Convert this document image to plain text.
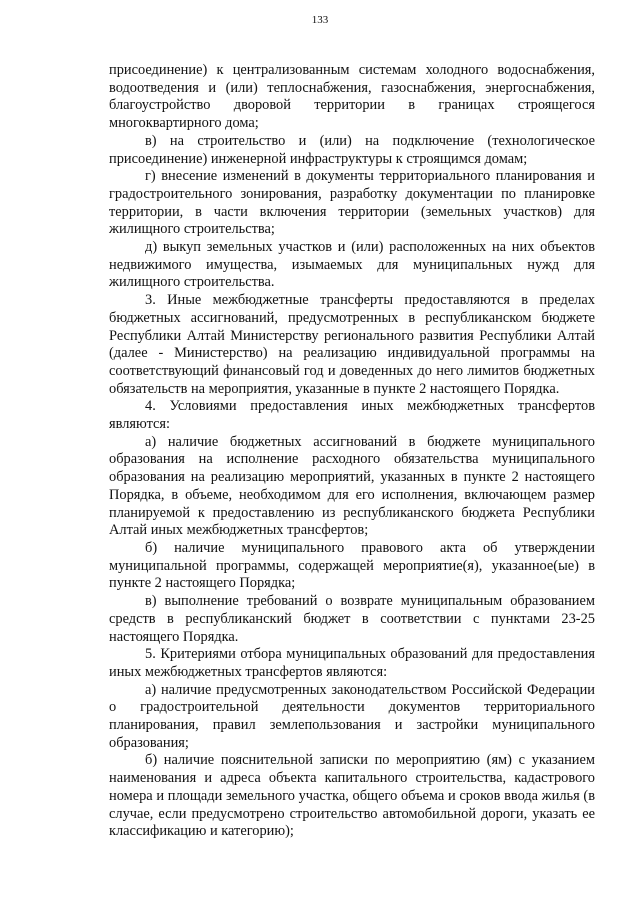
133

присоединение) к централизованным системам холодного водоснабжения, водоотведения и (или) теплоснабжения, газоснабжения, энергоснабжения, благоустройство дворовой территории в границах строящегося многоквартирного дома;

в) на строительство и (или) на подключение (технологическое присоединение) инженерной инфраструктуры к строящимся домам;

г) внесение изменений в документы территориального планирования и градостроительного зонирования, разработку документации по планировке территории, в части включения территории (земельных участков) для жилищного строительства;

д) выкуп земельных участков и (или) расположенных на них объектов недвижимого имущества, изымаемых для муниципальных нужд для жилищного строительства.

3. Иные межбюджетные трансферты предоставляются в пределах бюджетных ассигнований, предусмотренных в республиканском бюджете Республики Алтай Министерству регионального развития Республики Алтай (далее - Министерство) на реализацию индивидуальной программы на соответствующий финансовый год и доведенных до него лимитов бюджетных обязательств на мероприятия, указанные в пункте 2 настоящего Порядка.

4. Условиями предоставления иных межбюджетных трансфертов являются:

а) наличие бюджетных ассигнований в бюджете муниципального образования на исполнение расходного обязательства муниципального образования на реализацию мероприятий, указанных в пункте 2 настоящего Порядка, в объеме, необходимом для его исполнения, включающем размер планируемой к предоставлению из республиканского бюджета Республики Алтай иных межбюджетных трансфертов;

б) наличие муниципального правового акта об утверждении муниципальной программы, содержащей мероприятие(я), указанное(ые) в пункте 2 настоящего Порядка;

в) выполнение требований о возврате муниципальным образованием средств в республиканский бюджет в соответствии с пунктами 23-25 настоящего Порядка.

5. Критериями отбора муниципальных образований для предоставления иных межбюджетных трансфертов являются:

а) наличие предусмотренных законодательством Российской Федерации о градостроительной деятельности документов территориального планирования, правил землепользования и застройки муниципального образования;

б) наличие пояснительной записки по мероприятию (ям) с указанием наименования и адреса объекта капитального строительства, кадастрового номера и площади земельного участка, общего объема и сроков ввода жилья (в случае, если предусмотрено строительство автомобильной дороги, указать ее классификацию и категорию);
